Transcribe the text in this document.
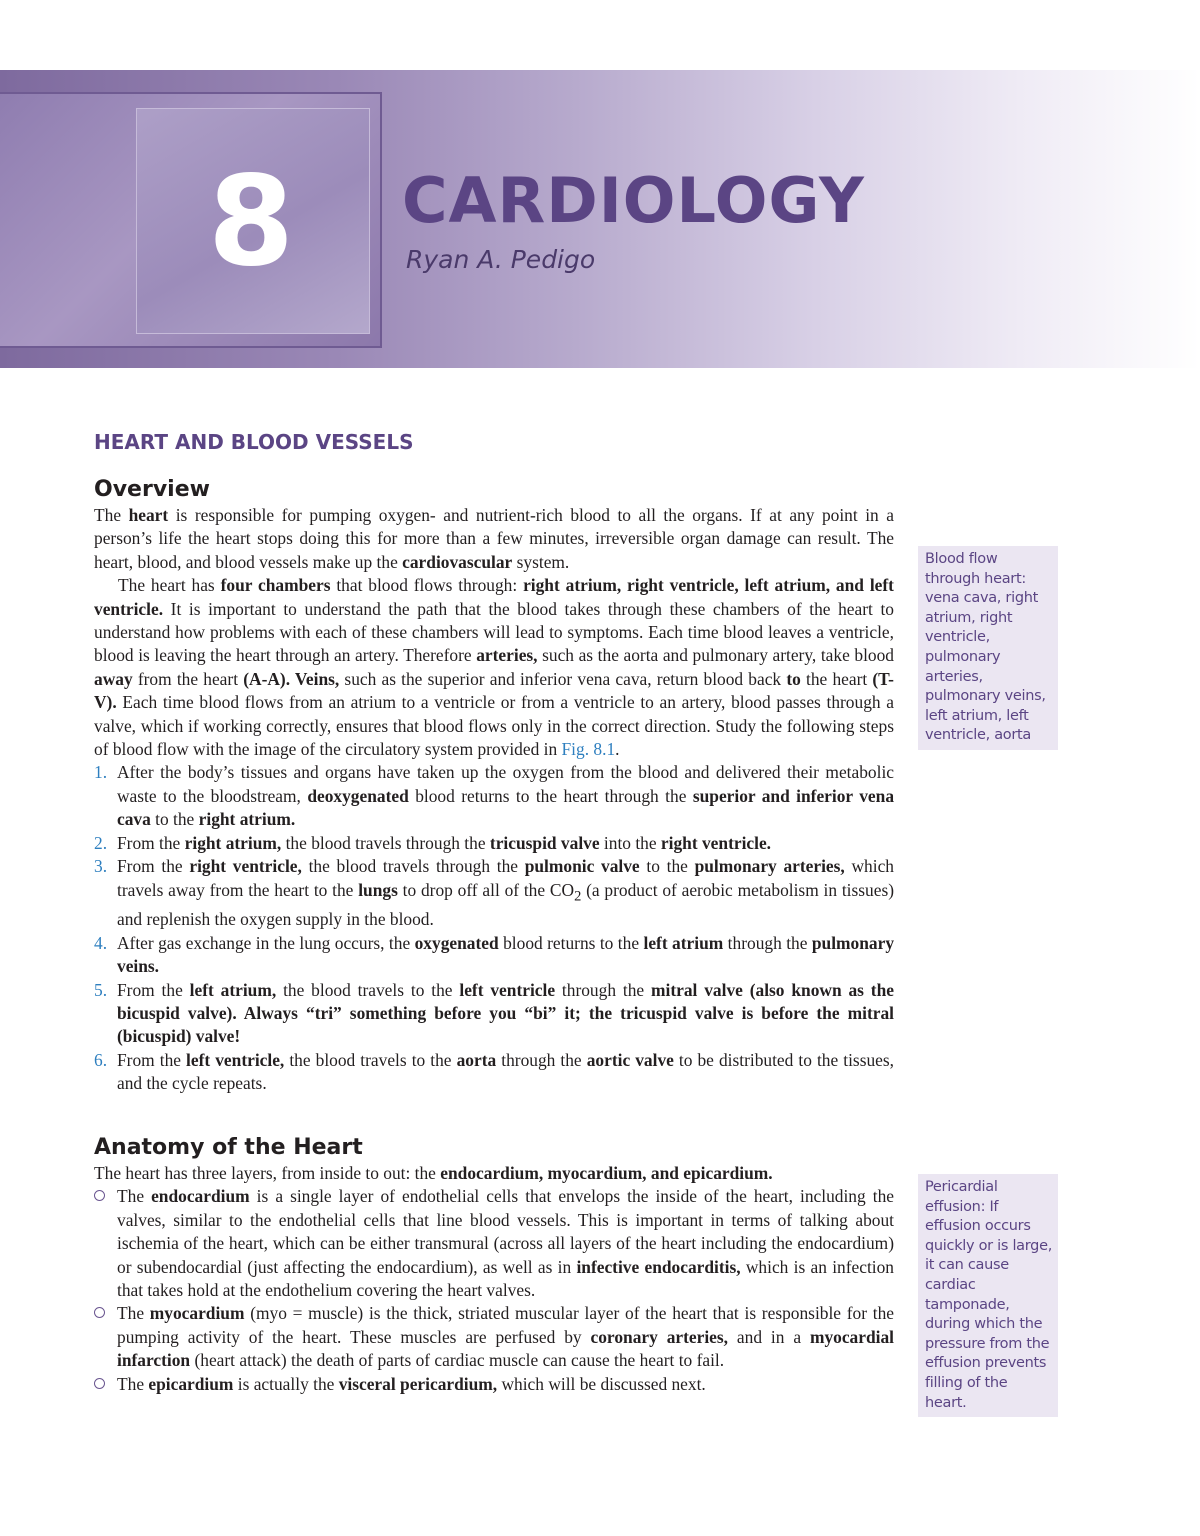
8 CARDIOLOGY
Ryan A. Pedigo
HEART AND BLOOD VESSELS
Overview

The heart is responsible for pumping oxygen- and nutrient-rich blood to all the organs. If at any point in a person’s life the heart stops doing this for more than a few minutes, irreversible organ damage can result. The heart, blood, and blood vessels make up the cardiovascular system.

The heart has four chambers that blood flows through: right atrium, right ventricle, left atrium, and left ventricle. It is important to understand the path that the blood takes through these chambers of the heart to understand how problems with each of these chambers will lead to symptoms. Each time blood leaves a ventricle, blood is leaving the heart through an artery. Therefore arteries, such as the aorta and pulmonary artery, take blood away from the heart (A-A). Veins, such as the superior and inferior vena cava, return blood back to the heart (T-V). Each time blood flows from an atrium to a ventricle or from a ventricle to an artery, blood passes through a valve, which if working correctly, ensures that blood flows only in the correct direction. Study the following steps of blood flow with the image of the circulatory system provided in Fig. 8.1.

1. After the body’s tissues and organs have taken up the oxygen from the blood and delivered their metabolic waste to the bloodstream, deoxygenated blood returns to the heart through the superior and inferior vena cava to the right atrium.
2. From the right atrium, the blood travels through the tricuspid valve into the right ventricle.
3. From the right ventricle, the blood travels through the pulmonic valve to the pulmonary arteries, which travels away from the heart to the lungs to drop off all of the $CO_2$ (a product of aerobic metabolism in tissues) and replenish the oxygen supply in the blood.
4. After gas exchange in the lung occurs, the oxygenated blood returns to the left atrium through the pulmonary veins.
5. From the left atrium, the blood travels to the left ventricle through the mitral valve (also known as the bicuspid valve). Always “tri” something before you “bi” it; the tricuspid valve is before the mitral (bicuspid) valve!
6. From the left ventricle, the blood travels to the aorta through the aortic valve to be distributed to the tissues, and the cycle repeats.
Anatomy of the Heart

The heart has three layers, from inside to out: the endocardium, myocardium, and epicardium.

The endocardium is a single layer of endothelial cells that envelops the inside of the heart, including the valves, similar to the endothelial cells that line blood vessels. This is important in terms of talking about ischemia of the heart, which can be either transmural (across all layers of the heart including the endocardium) or subendocardial (just affecting the endocardium), as well as in infective endocarditis, which is an infection that takes hold at the endothelium covering the heart valves.
The myocardium (myo = muscle) is the thick, striated muscular layer of the heart that is responsible for the pumping activity of the heart. These muscles are perfused by coronary arteries, and in a myocardial infarction (heart attack) the death of parts of cardiac muscle can cause the heart to fail.
The epicardium is actually the visceral pericardium, which will be discussed next.
Blood flow through heart: vena cava, right atrium, right ventricle, pulmonary arteries, pulmonary veins, left atrium, left ventricle, aorta
Pericardial effusion: If effusion occurs quickly or is large, it can cause cardiac tamponade, during which the pressure from the effusion prevents filling of the heart.
